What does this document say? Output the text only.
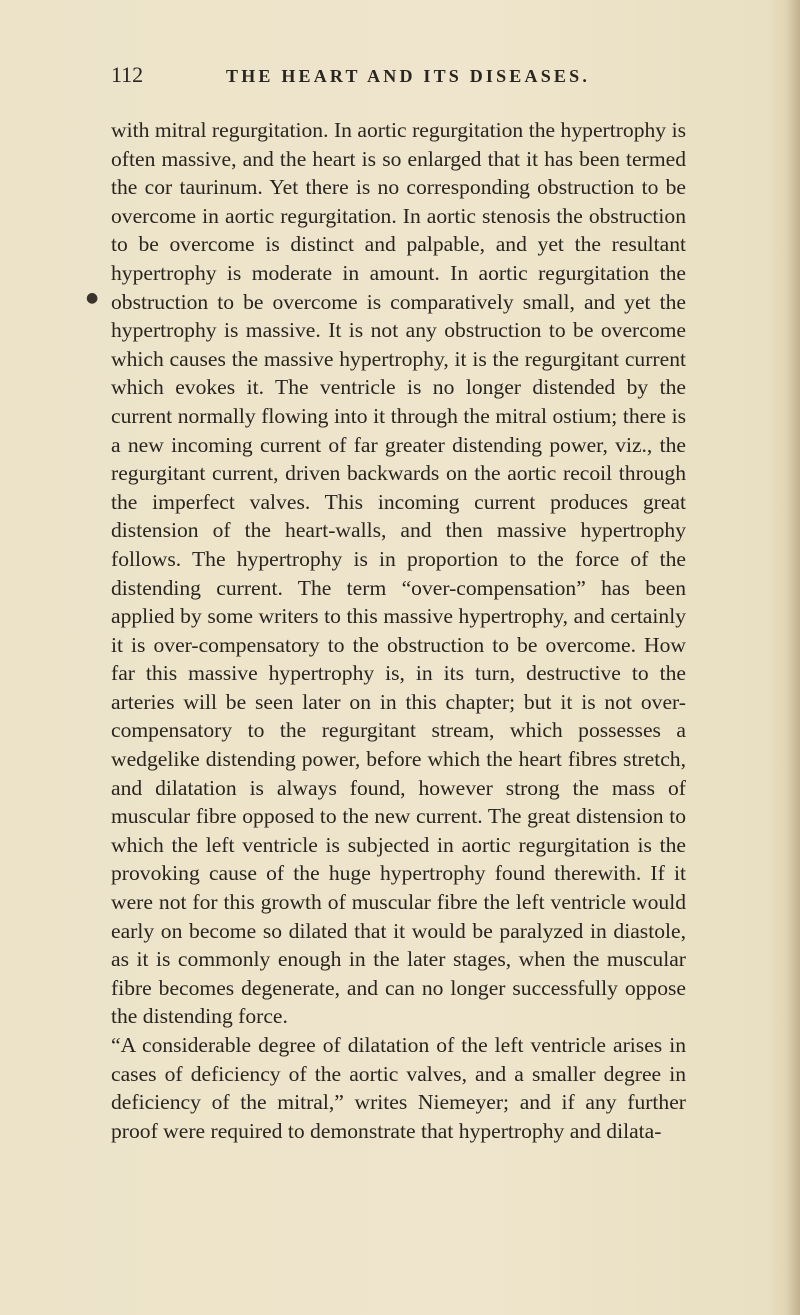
112	THE HEART AND ITS DISEASES.
●

with mitral regurgitation. In aortic regurgitation the hypertrophy is often massive, and the heart is so enlarged that it has been termed the cor taurinum. Yet there is no corresponding obstruction to be overcome in aortic regurgitation. In aortic stenosis the obstruction to be overcome is distinct and palpable, and yet the resultant hypertrophy is moderate in amount. In aortic regurgitation the obstruction to be overcome is comparatively small, and yet the hypertrophy is massive. It is not any obstruction to be overcome which causes the massive hypertrophy, it is the regurgitant current which evokes it. The ventricle is no longer distended by the current normally flowing into it through the mitral ostium; there is a new incoming current of far greater distending power, viz., the regurgitant current, driven backwards on the aortic recoil through the imperfect valves. This incoming current produces great distension of the heart-walls, and then massive hypertrophy follows. The hypertrophy is in proportion to the force of the distending current. The term “over-compensation” has been applied by some writers to this massive hypertrophy, and certainly it is over-compensatory to the obstruction to be overcome. How far this massive hypertrophy is, in its turn, destructive to the arteries will be seen later on in this chapter; but it is not over-compensatory to the regurgitant stream, which possesses a wedgelike distending power, before which the heart fibres stretch, and dilatation is always found, however strong the mass of muscular fibre opposed to the new current. The great distension to which the left ventricle is subjected in aortic regurgitation is the provoking cause of the huge hypertrophy found therewith. If it were not for this growth of muscular fibre the left ventricle would early on become so dilated that it would be paralyzed in diastole, as it is commonly enough in the later stages, when the muscular fibre becomes degenerate, and can no longer successfully oppose the distending force.

“A considerable degree of dilatation of the left ventricle arises in cases of deficiency of the aortic valves, and a smaller degree in deficiency of the mitral,” writes Niemeyer; and if any further proof were required to demonstrate that hypertrophy and dilata-
